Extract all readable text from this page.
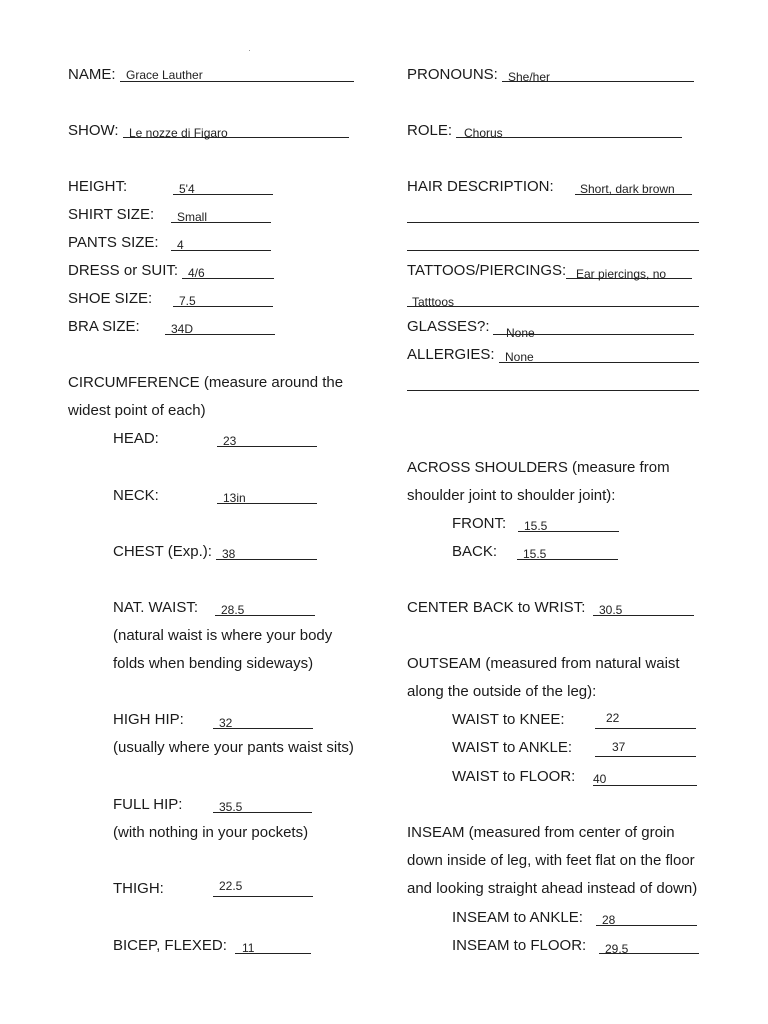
NAME: Grace Lauther
SHOW: Le nozze di Figaro
HEIGHT:	5'4
SHIRT SIZE: Small
PANTS SIZE: 4
DRESS or SUIT: 4/6
SHOE SIZE: 7.5
BRA SIZE:	34D
CIRCUMFERENCE (measure around the
widest point of each)
HEAD:	23
NECK:	13in
CHEST (Exp.): 38
NAT. WAIST: 28.5
(natural waist is where your body
folds when bending sideways)
HIGH HIP:	32
(usually where your pants waist sits)
FULL HIP:	35.5
(with nothing in your pockets)
THIGH:	22.5
BICEP, FLEXED: 11
PRONOUNS: She/her
ROLE: Chorus
HAIR DESCRIPTION: Short, dark brown
TATTOOS/PIERCINGS: Ear piercings, no
Tatttoos
GLASSES?: None
ALLERGIES: None
ACROSS SHOULDERS (measure from
shoulder joint to shoulder joint):
FRONT: 15.5
BACK: 15.5
CENTER BACK to WRIST: 30.5
OUTSEAM (measured from natural waist
along the outside of the leg):
WAIST to KNEE:	22
WAIST to ANKLE:	37
WAIST to FLOOR: 40
INSEAM (measured from center of groin
down inside of leg, with feet flat on the floor
and looking straight ahead instead of down)
INSEAM to ANKLE: 28
INSEAM to FLOOR: 29.5
